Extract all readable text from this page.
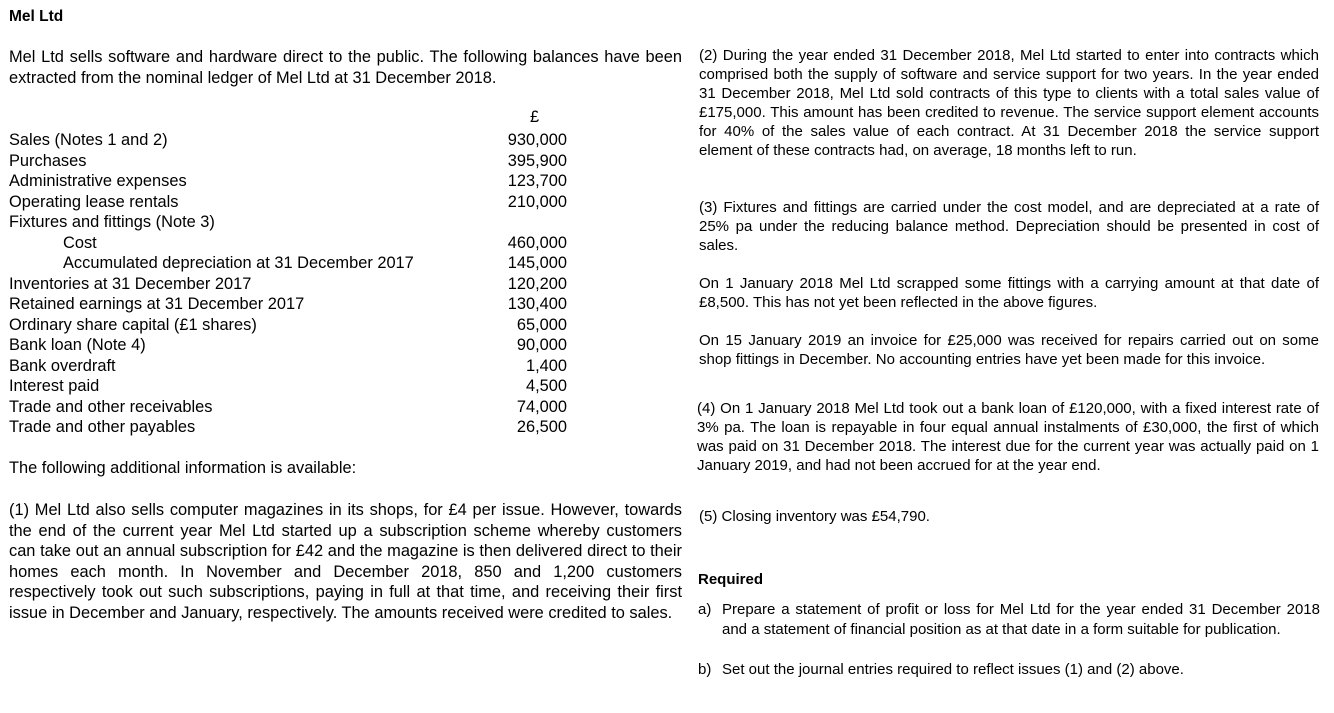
Mel Ltd

Mel Ltd sells software and hardware direct to the public. The following balances have been extracted from the nominal ledger of Mel Ltd at 31 December 2018.

£
Sales (Notes 1 and 2)	930,000
Purchases	395,900
Administrative expenses	123,700
Operating lease rentals	210,000
Fixtures and fittings (Note 3)
Cost	460,000
Accumulated depreciation at 31 December 2017	145,000
Inventories at 31 December 2017	120,200
Retained earnings at 31 December 2017	130,400
Ordinary share capital (£1 shares)	65,000
Bank loan (Note 4)	90,000
Bank overdraft	1,400
Interest paid	4,500
Trade and other receivables	74,000
Trade and other payables	26,500

The following additional information is available:

(1) Mel Ltd also sells computer magazines in its shops, for £4 per issue. However, towards the end of the current year Mel Ltd started up a subscription scheme whereby customers can take out an annual subscription for £42 and the magazine is then delivered direct to their homes each month. In November and December 2018, 850 and 1,200 customers respectively took out such subscriptions, paying in full at that time, and receiving their first issue in December and January, respectively. The amounts received were credited to sales.

(2) During the year ended 31 December 2018, Mel Ltd started to enter into contracts which comprised both the supply of software and service support for two years. In the year ended 31 December 2018, Mel Ltd sold contracts of this type to clients with a total sales value of £175,000. This amount has been credited to revenue. The service support element accounts for 40% of the sales value of each contract. At 31 December 2018 the service support element of these contracts had, on average, 18 months left to run.

(3) Fixtures and fittings are carried under the cost model, and are depreciated at a rate of 25% pa under the reducing balance method. Depreciation should be presented in cost of sales.

On 1 January 2018 Mel Ltd scrapped some fittings with a carrying amount at that date of £8,500. This has not yet been reflected in the above figures.

On 15 January 2019 an invoice for £25,000 was received for repairs carried out on some shop fittings in December. No accounting entries have yet been made for this invoice.

(4) On 1 January 2018 Mel Ltd took out a bank loan of £120,000, with a fixed interest rate of 3% pa. The loan is repayable in four equal annual instalments of £30,000, the first of which was paid on 31 December 2018. The interest due for the current year was actually paid on 1 January 2019, and had not been accrued for at the year end.

(5) Closing inventory was £54,790.

Required

a) Prepare a statement of profit or loss for Mel Ltd for the year ended 31 December 2018 and a statement of financial position as at that date in a form suitable for publication.
b) Set out the journal entries required to reflect issues (1) and (2) above.
